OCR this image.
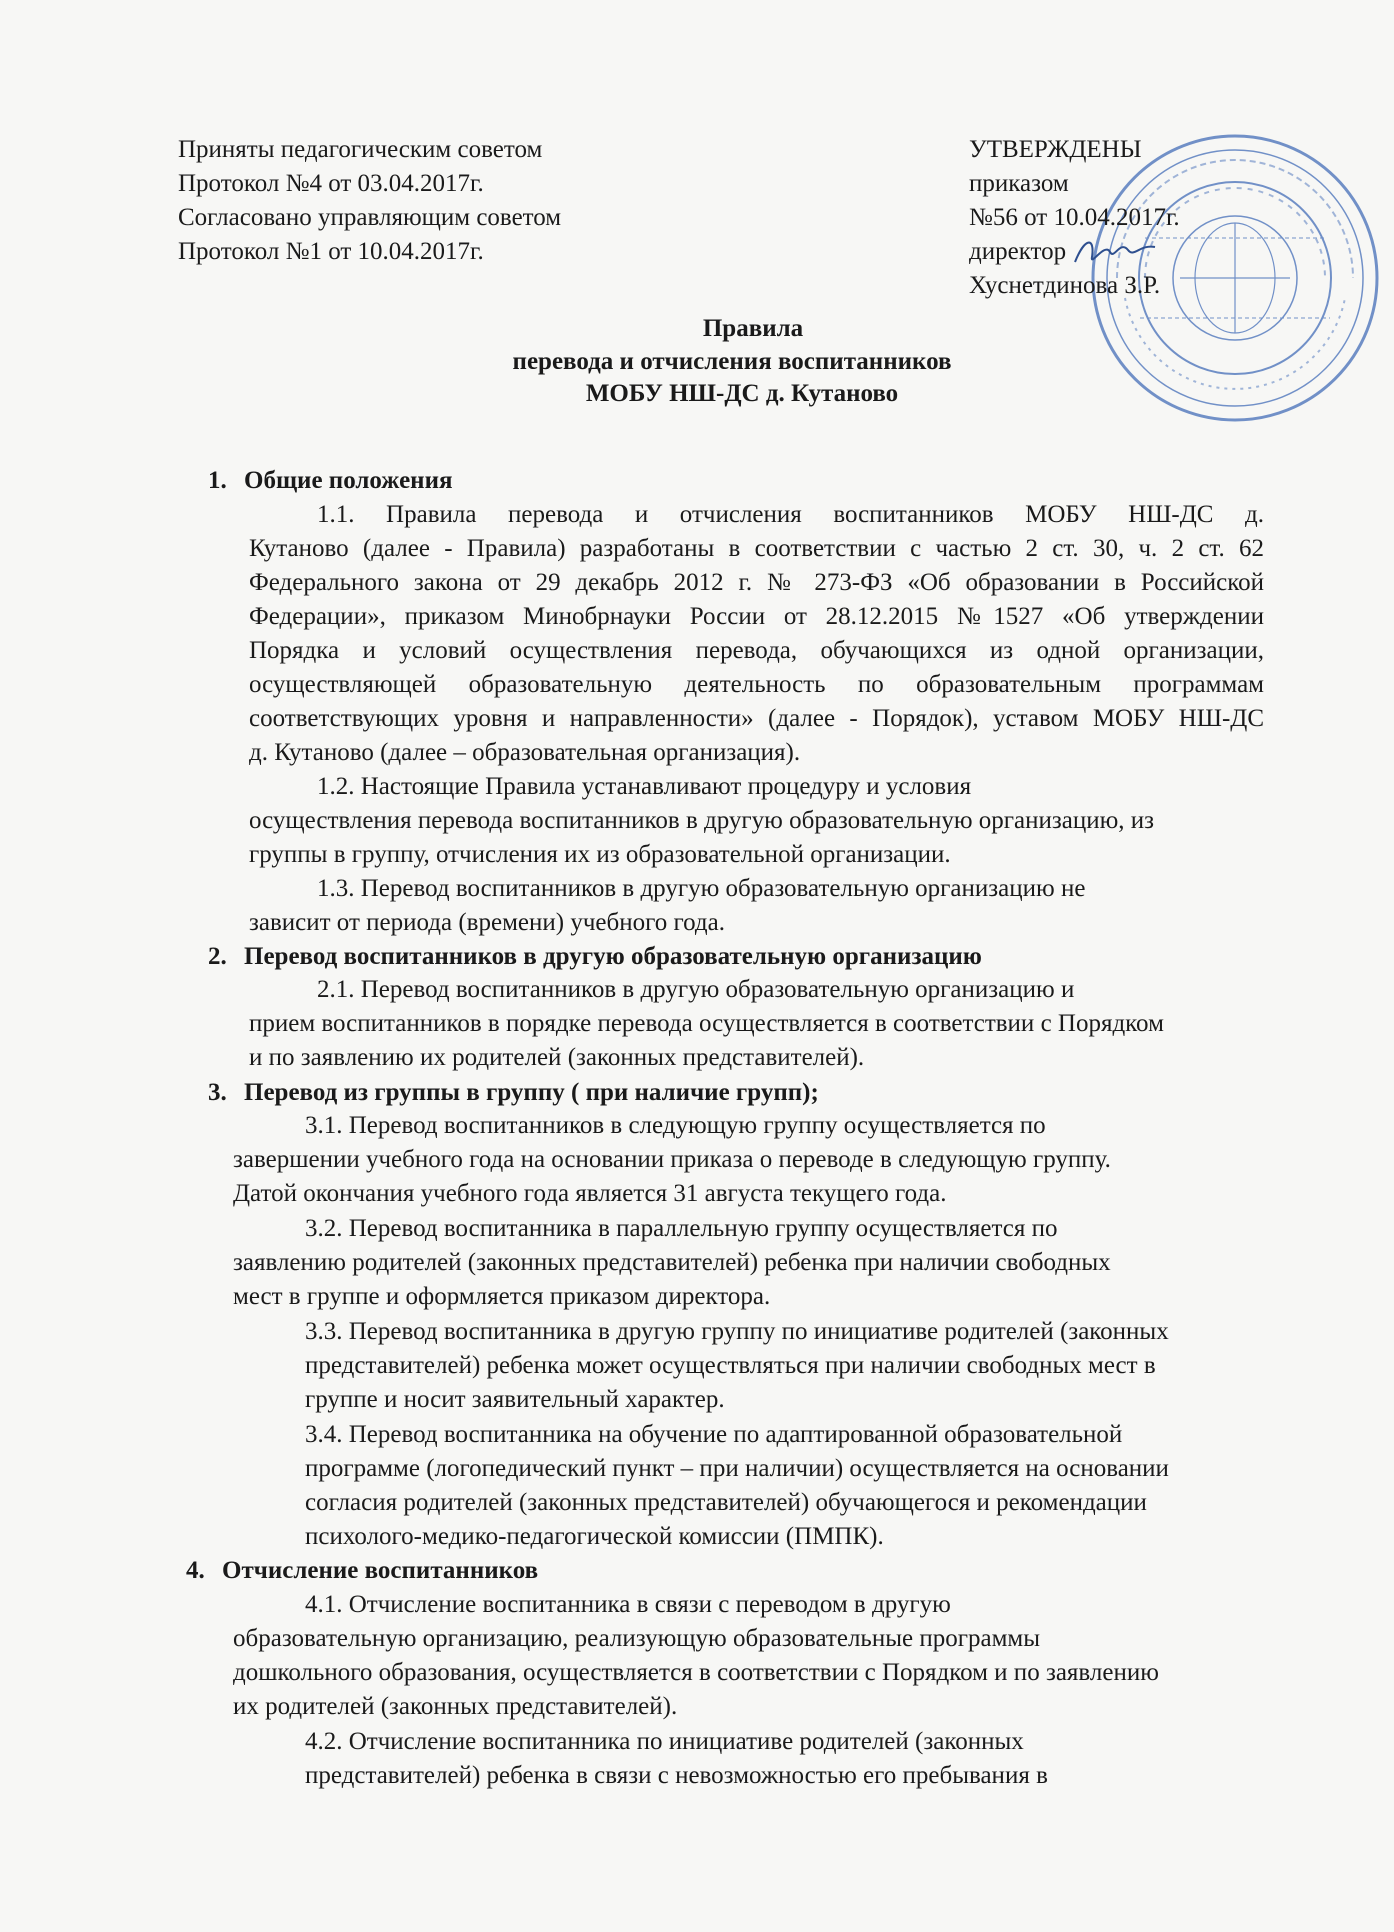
Приняты педагогическим советом
Протокол №4 от 03.04.2017г.
Согласовано управляющим советом
Протокол №1 от 10.04.2017г.
УТВЕРЖДЕНЫ
приказом
№56 от 10.04.2017г.
директор
Хуснетдинова З.Р.
Правила
перевода и отчисления воспитанников
МОБУ НШ-ДС д. Кутаново
1. Общие положения
1.1. Правила перевода и отчисления воспитанников МОБУ НШ-ДС д.
Кутаново (далее - Правила) разработаны в соответствии с частью 2 ст. 30, ч. 2 ст. 62
Федерального закона от 29 декабрь 2012 г. № 273-ФЗ «Об образовании в Российской
Федерации», приказом Минобрнауки России от 28.12.2015 №1527 «Об утверждении
Порядка и условий осуществления перевода, обучающихся из одной организации,
осуществляющей образовательную деятельность по образовательным программам
соответствующих уровня и направленности» (далее - Порядок), уставом МОБУ НШ-ДС
д. Кутаново (далее – образовательная организация).
1.2. Настоящие Правила устанавливают процедуру и условия
осуществления перевода воспитанников в другую образовательную организацию, из
группы в группу, отчисления их из образовательной организации.
1.3. Перевод воспитанников в другую образовательную организацию не
зависит от периода (времени) учебного года.
2. Перевод воспитанников в другую образовательную организацию
2.1. Перевод воспитанников в другую образовательную организацию и
прием воспитанников в порядке перевода осуществляется в соответствии с Порядком
и по заявлению их родителей (законных представителей).
3. Перевод из группы в группу ( при наличие групп);
3.1. Перевод воспитанников в следующую группу осуществляется по
завершении учебного года на основании приказа о переводе в следующую группу.
Датой окончания учебного года является 31 августа текущего года.
3.2. Перевод воспитанника в параллельную группу осуществляется по
заявлению родителей (законных представителей) ребенка при наличии свободных
мест в группе и оформляется приказом директора.
3.3. Перевод воспитанника в другую группу по инициативе родителей (законных
представителей) ребенка может осуществляться при наличии свободных мест в
группе и носит заявительный характер.
3.4. Перевод воспитанника на обучение по адаптированной образовательной
программе (логопедический пункт – при наличии) осуществляется на основании
согласия родителей (законных представителей) обучающегося и рекомендации
психолого-медико-педагогической комиссии (ПМПК).
4. Отчисление воспитанников
4.1. Отчисление воспитанника в связи с переводом в другую
образовательную организацию, реализующую образовательные программы
дошкольного образования, осуществляется в соответствии с Порядком и по заявлению
их родителей (законных представителей).
4.2. Отчисление воспитанника по инициативе родителей (законных
представителей) ребенка в связи с невозможностью его пребывания в
